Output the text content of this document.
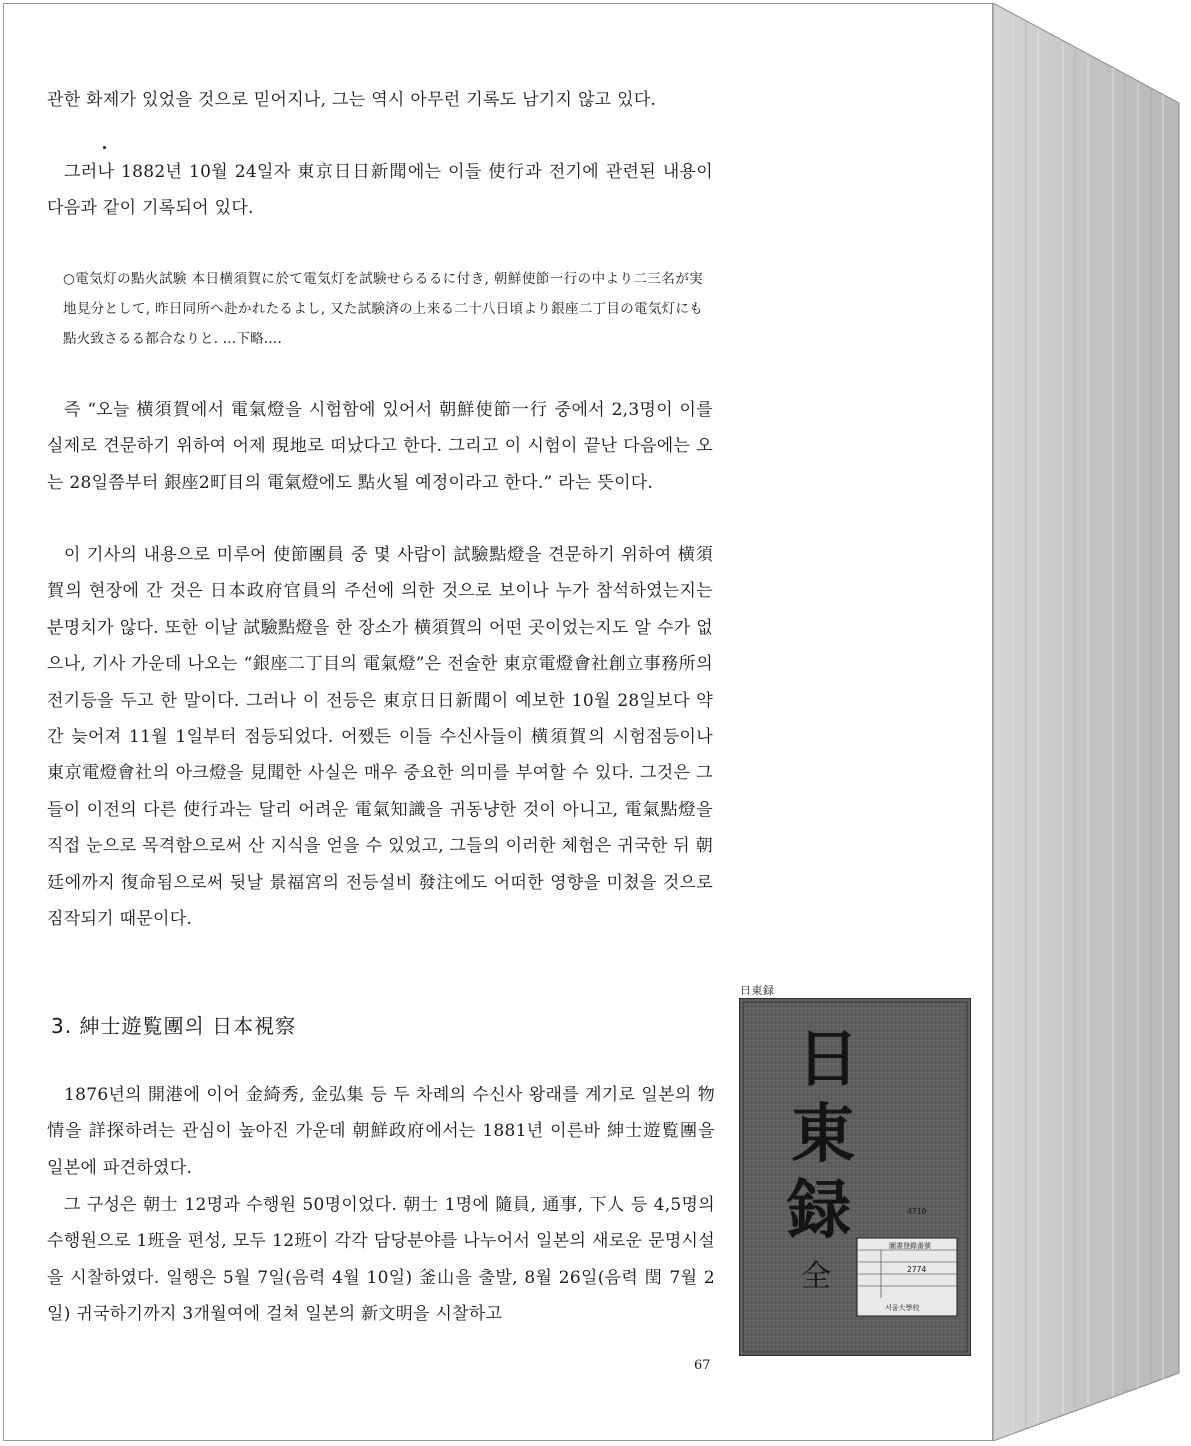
관한 화제가 있었을 것으로 믿어지나, 그는 역시 아무런 기록도 남기지 않고 있다.

그러나 1882년 10월 24일자 東京日日新聞에는 이들 使行과 전기에 관련된 내용이 다음과 같이 기록되어 있다.

○電気灯の點火試験 本日横須賀に於て電気灯を試験せらるるに付き, 朝鮮使節一行の中より二三名が実地見分として, 昨日同所へ赴かれたるよし, 又た試験済の上来る二十八日頃より銀座二丁目の電気灯にも點火致さるる都合なりと. …下略….

즉 “오늘 横須賀에서 電氣燈을 시험함에 있어서 朝鮮使節一行 중에서 2,3명이 이를 실제로 견문하기 위하여 어제 現地로 떠났다고 한다. 그리고 이 시험이 끝난 다음에는 오는 28일쯤부터 銀座2町目의 電氣燈에도 點火될 예정이라고 한다.” 라는 뜻이다.

이 기사의 내용으로 미루어 使節團員 중 몇 사람이 試驗點燈을 견문하기 위하여 横須賀의 현장에 간 것은 日本政府官員의 주선에 의한 것으로 보이나 누가 참석하였는지는 분명치가 않다. 또한 이날 試驗點燈을 한 장소가 横須賀의 어떤 곳이었는지도 알 수가 없으나, 기사 가운데 나오는 “銀座二丁目의 電氣燈”은 전술한 東京電燈會社創立事務所의 전기등을 두고 한 말이다. 그러나 이 전등은 東京日日新聞이 예보한 10월 28일보다 약간 늦어져 11월 1일부터 점등되었다. 어쨌든 이들 수신사들이 横須賀의 시험점등이나 東京電燈會社의 아크燈을 見聞한 사실은 매우 중요한 의미를 부여할 수 있다. 그것은 그들이 이전의 다른 使行과는 달리 어려운 電氣知識을 귀동냥한 것이 아니고, 電氣點燈을 직접 눈으로 목격함으로써 산 지식을 얻을 수 있었고, 그들의 이러한 체험은 귀국한 뒤 朝廷에까지 復命됨으로써 뒷날 景福宮의 전등설비 發注에도 어떠한 영향을 미쳤을 것으로 짐작되기 때문이다.

3. 紳士遊覧團의 日本視察

1876년의 開港에 이어 金綺秀, 金弘集 등 두 차례의 수신사 왕래를 계기로 일본의 物情을 詳探하려는 관심이 높아진 가운데 朝鮮政府에서는 1881년 이른바 紳士遊覧團을 일본에 파견하였다.

그 구성은 朝士 12명과 수행원 50명이었다. 朝士 1명에 隨員, 通事, 下人 등 4,5명의 수행원으로 1班을 편성, 모두 12班이 각각 담당분야를 나누어서 일본의 새로운 문명시설을 시찰하였다. 일행은 5월 7일(음력 4월 10일) 釜山을 출발, 8월 26일(음력 閏 7월 2일) 귀국하기까지 3개월여에 걸쳐 일본의 新文明을 시찰하고

日東録

日
東
録
全
4710
圖書登錄番號
2774
서울大學校

67
